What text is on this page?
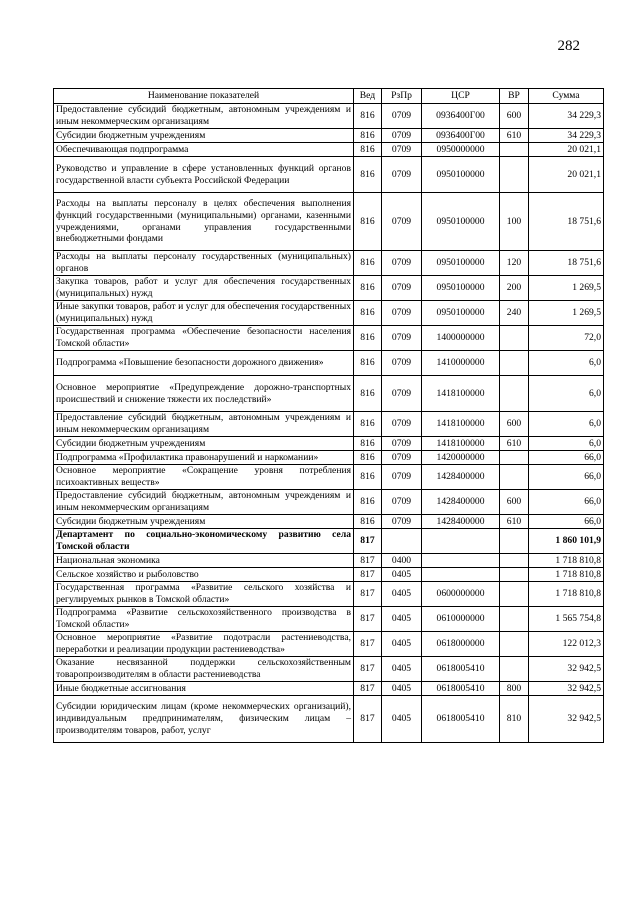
282
Наименование показателей	Вед	РзПр	ЦСР	ВР	Сумма
Предоставление субсидий бюджетным, автономным учреждениям и иным некоммерческим организациям	816	0709	0936400Г00	600	34 229,3
Субсидии бюджетным учреждениям	816	0709	0936400Г00	610	34 229,3
Обеспечивающая подпрограмма	816	0709	0950000000		20 021,1
Руководство и управление в сфере установленных функций органов государственной власти субъекта Российской Федерации	816	0709	0950100000		20 021,1
Расходы на выплаты персоналу в целях обеспечения выполнения функций государственными (муниципальными) органами, казенными учреждениями, органами управления государственными внебюджетными фондами	816	0709	0950100000	100	18 751,6
Расходы на выплаты персоналу государственных (муниципальных) органов	816	0709	0950100000	120	18 751,6
Закупка товаров, работ и услуг для обеспечения государственных (муниципальных) нужд	816	0709	0950100000	200	1 269,5
Иные закупки товаров, работ и услуг для обеспечения государственных (муниципальных) нужд	816	0709	0950100000	240	1 269,5
Государственная программа «Обеспечение безопасности населения Томской области»	816	0709	1400000000		72,0
Подпрограмма «Повышение безопасности дорожного движения»	816	0709	1410000000		6,0
Основное мероприятие «Предупреждение дорожно-транспортных происшествий и снижение тяжести их последствий»	816	0709	1418100000		6,0
Предоставление субсидий бюджетным, автономным учреждениям и иным некоммерческим организациям	816	0709	1418100000	600	6,0
Субсидии бюджетным учреждениям	816	0709	1418100000	610	6,0
Подпрограмма «Профилактика правонарушений и наркомании»	816	0709	1420000000		66,0
Основное мероприятие «Сокращение уровня потребления психоактивных веществ»	816	0709	1428400000		66,0
Предоставление субсидий бюджетным, автономным учреждениям и иным некоммерческим организациям	816	0709	1428400000	600	66,0
Субсидии бюджетным учреждениям	816	0709	1428400000	610	66,0
Департамент по социально-экономическому развитию села Томской области	817				1 860 101,9
Национальная экономика	817	0400			1 718 810,8
Сельское хозяйство и рыболовство	817	0405			1 718 810,8
Государственная программа «Развитие сельского хозяйства и регулируемых рынков в Томской области»	817	0405	0600000000		1 718 810,8
Подпрограмма «Развитие сельскохозяйственного производства в Томской области»	817	0405	0610000000		1 565 754,8
Основное мероприятие «Развитие подотрасли растениеводства, переработки и реализации продукции растениеводства»	817	0405	0618000000		122 012,3
Оказание несвязанной поддержки сельскохозяйственным товаропроизводителям в области растениеводства	817	0405	0618005410		32 942,5
Иные бюджетные ассигнования	817	0405	0618005410	800	32 942,5
Субсидии юридическим лицам (кроме некоммерческих организаций), индивидуальным предпринимателям, физическим лицам – производителям товаров, работ, услуг	817	0405	0618005410	810	32 942,5
